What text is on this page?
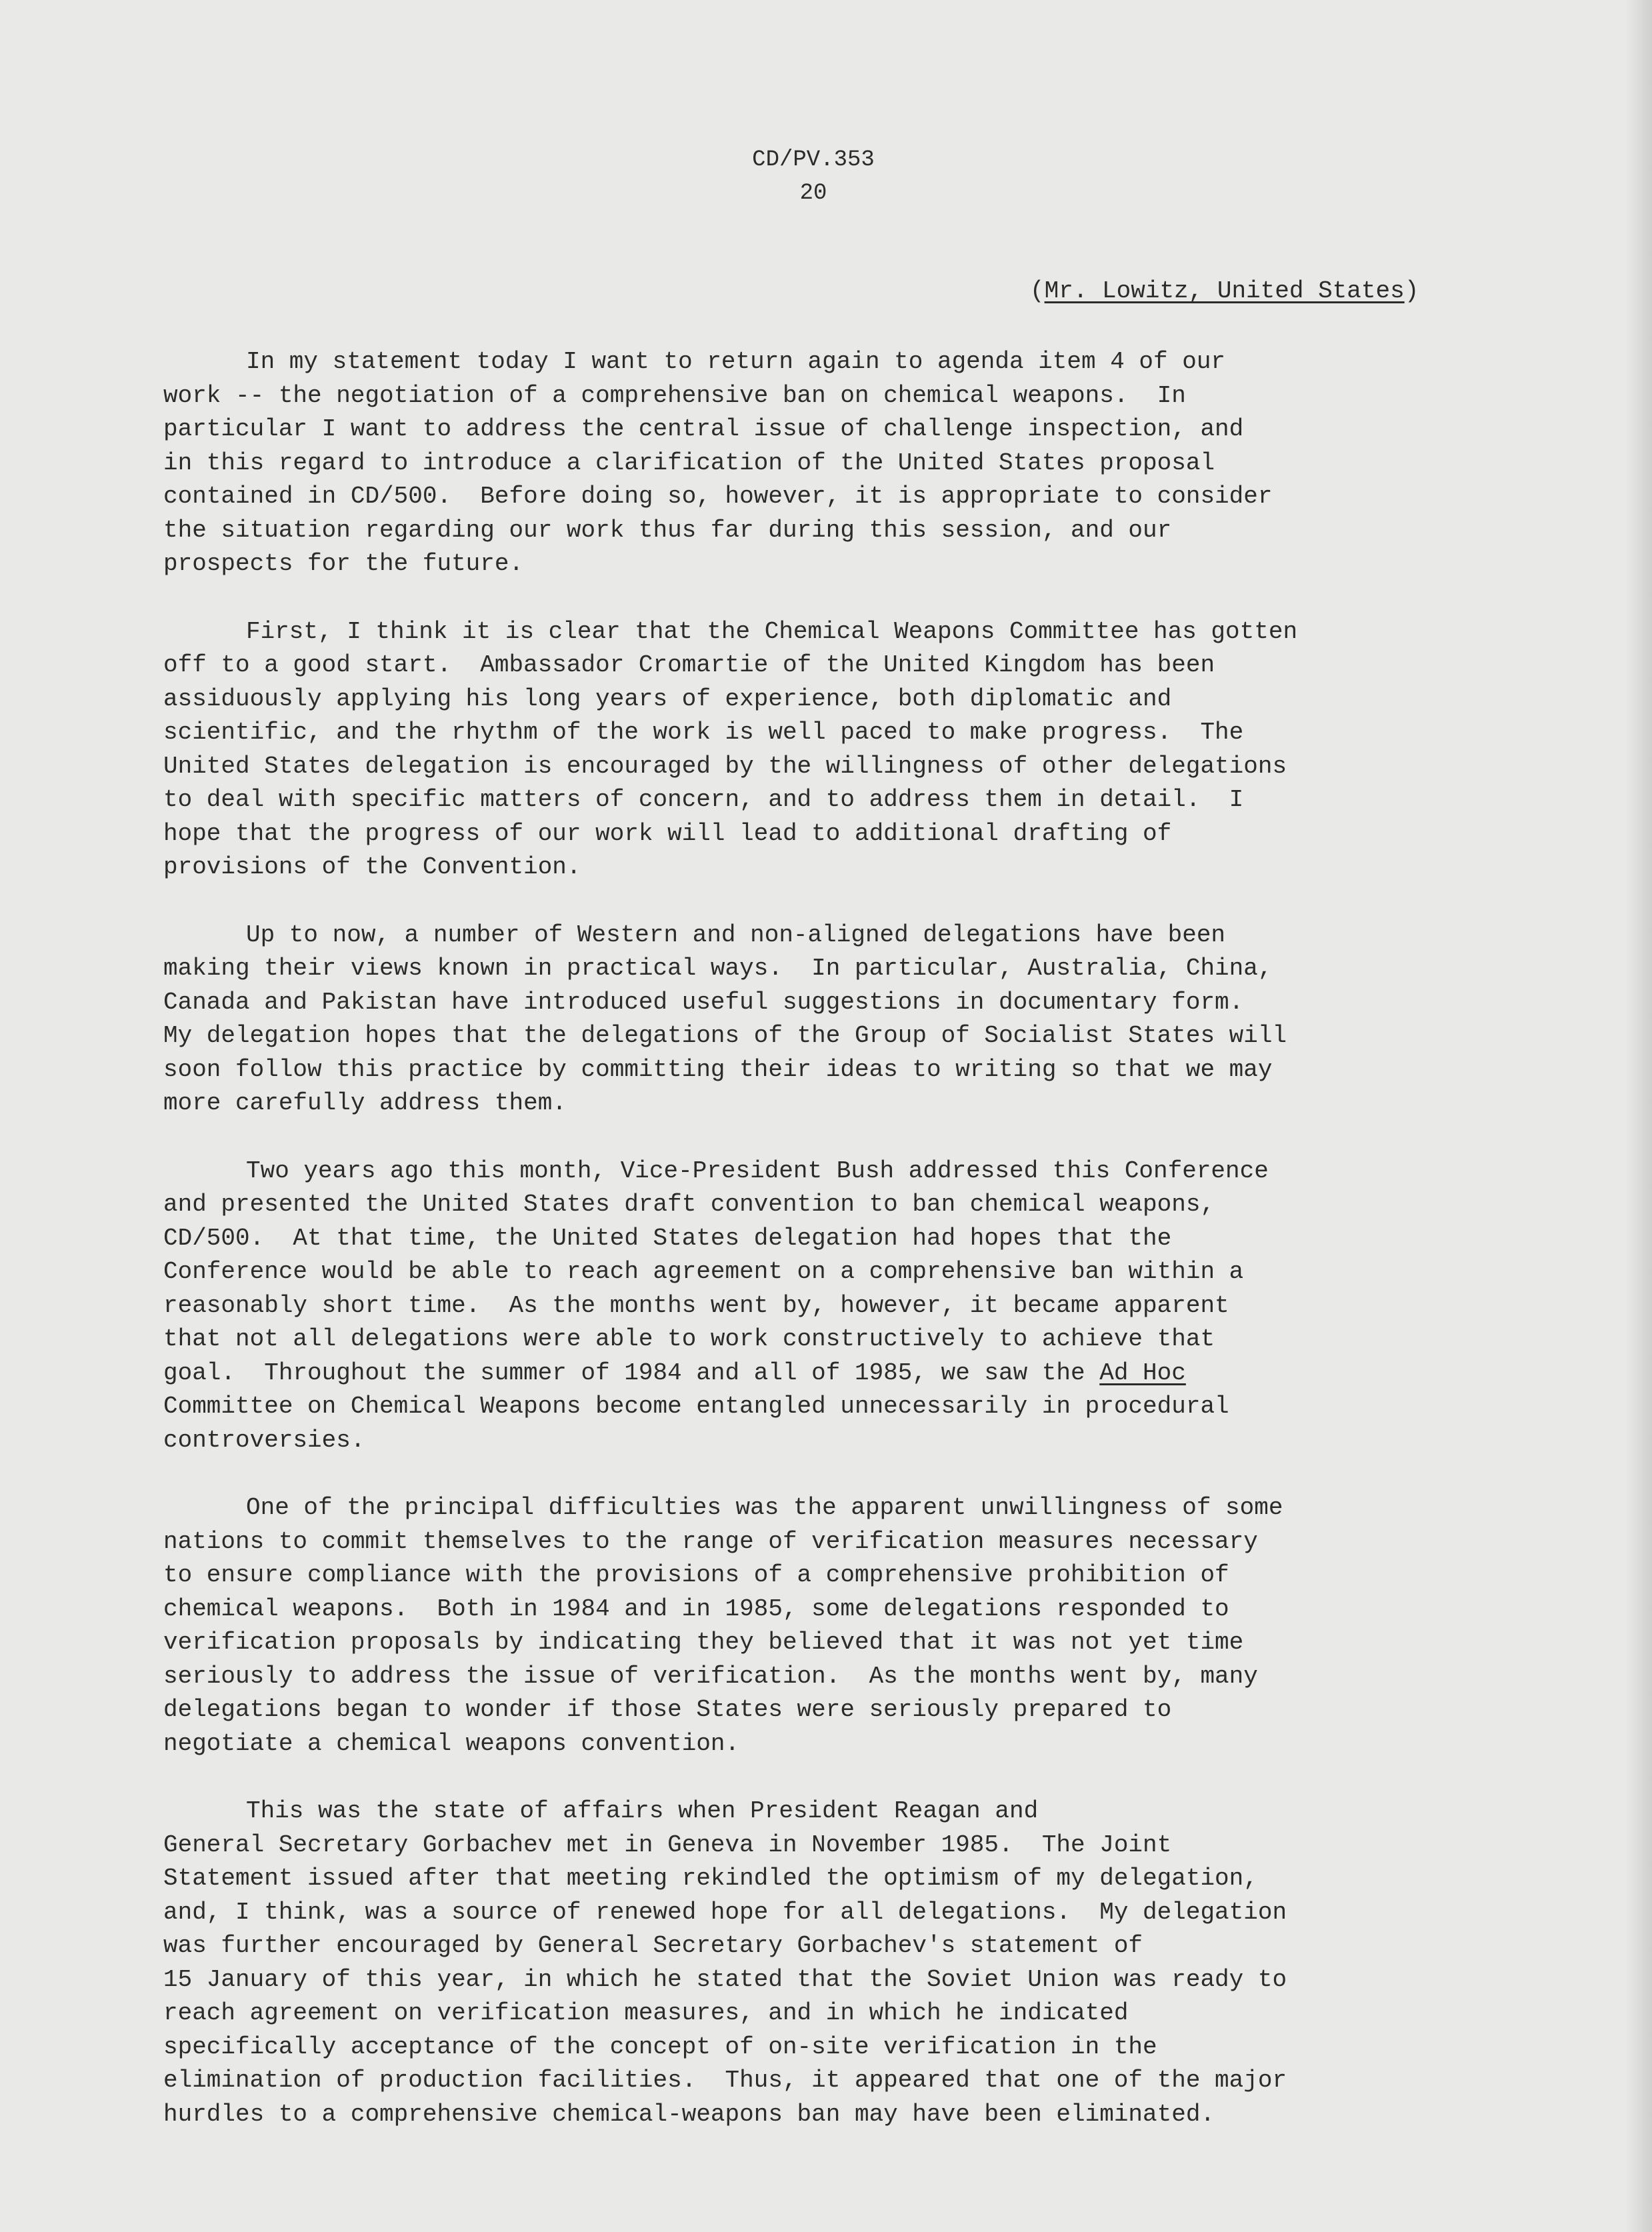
CD/PV.353
20
(Mr. Lowitz, United States)
In my statement today I want to return again to agenda item 4 of our
work -- the negotiation of a comprehensive ban on chemical weapons.  In
particular I want to address the central issue of challenge inspection, and
in this regard to introduce a clarification of the United States proposal
contained in CD/500.  Before doing so, however, it is appropriate to consider
the situation regarding our work thus far during this session, and our
prospects for the future.
First, I think it is clear that the Chemical Weapons Committee has gotten
off to a good start.  Ambassador Cromartie of the United Kingdom has been
assiduously applying his long years of experience, both diplomatic and
scientific, and the rhythm of the work is well paced to make progress.  The
United States delegation is encouraged by the willingness of other delegations
to deal with specific matters of concern, and to address them in detail.  I
hope that the progress of our work will lead to additional drafting of
provisions of the Convention.
Up to now, a number of Western and non-aligned delegations have been
making their views known in practical ways.  In particular, Australia, China,
Canada and Pakistan have introduced useful suggestions in documentary form.
My delegation hopes that the delegations of the Group of Socialist States will
soon follow this practice by committing their ideas to writing so that we may
more carefully address them.
Two years ago this month, Vice-President Bush addressed this Conference
and presented the United States draft convention to ban chemical weapons,
CD/500.  At that time, the United States delegation had hopes that the
Conference would be able to reach agreement on a comprehensive ban within a
reasonably short time.  As the months went by, however, it became apparent
that not all delegations were able to work constructively to achieve that
goal.  Throughout the summer of 1984 and all of 1985, we saw the Ad Hoc
Committee on Chemical Weapons become entangled unnecessarily in procedural
controversies.
One of the principal difficulties was the apparent unwillingness of some
nations to commit themselves to the range of verification measures necessary
to ensure compliance with the provisions of a comprehensive prohibition of
chemical weapons.  Both in 1984 and in 1985, some delegations responded to
verification proposals by indicating they believed that it was not yet time
seriously to address the issue of verification.  As the months went by, many
delegations began to wonder if those States were seriously prepared to
negotiate a chemical weapons convention.
This was the state of affairs when President Reagan and
General Secretary Gorbachev met in Geneva in November 1985.  The Joint
Statement issued after that meeting rekindled the optimism of my delegation,
and, I think, was a source of renewed hope for all delegations.  My delegation
was further encouraged by General Secretary Gorbachev's statement of
15 January of this year, in which he stated that the Soviet Union was ready to
reach agreement on verification measures, and in which he indicated
specifically acceptance of the concept of on-site verification in the
elimination of production facilities.  Thus, it appeared that one of the major
hurdles to a comprehensive chemical-weapons ban may have been eliminated.
